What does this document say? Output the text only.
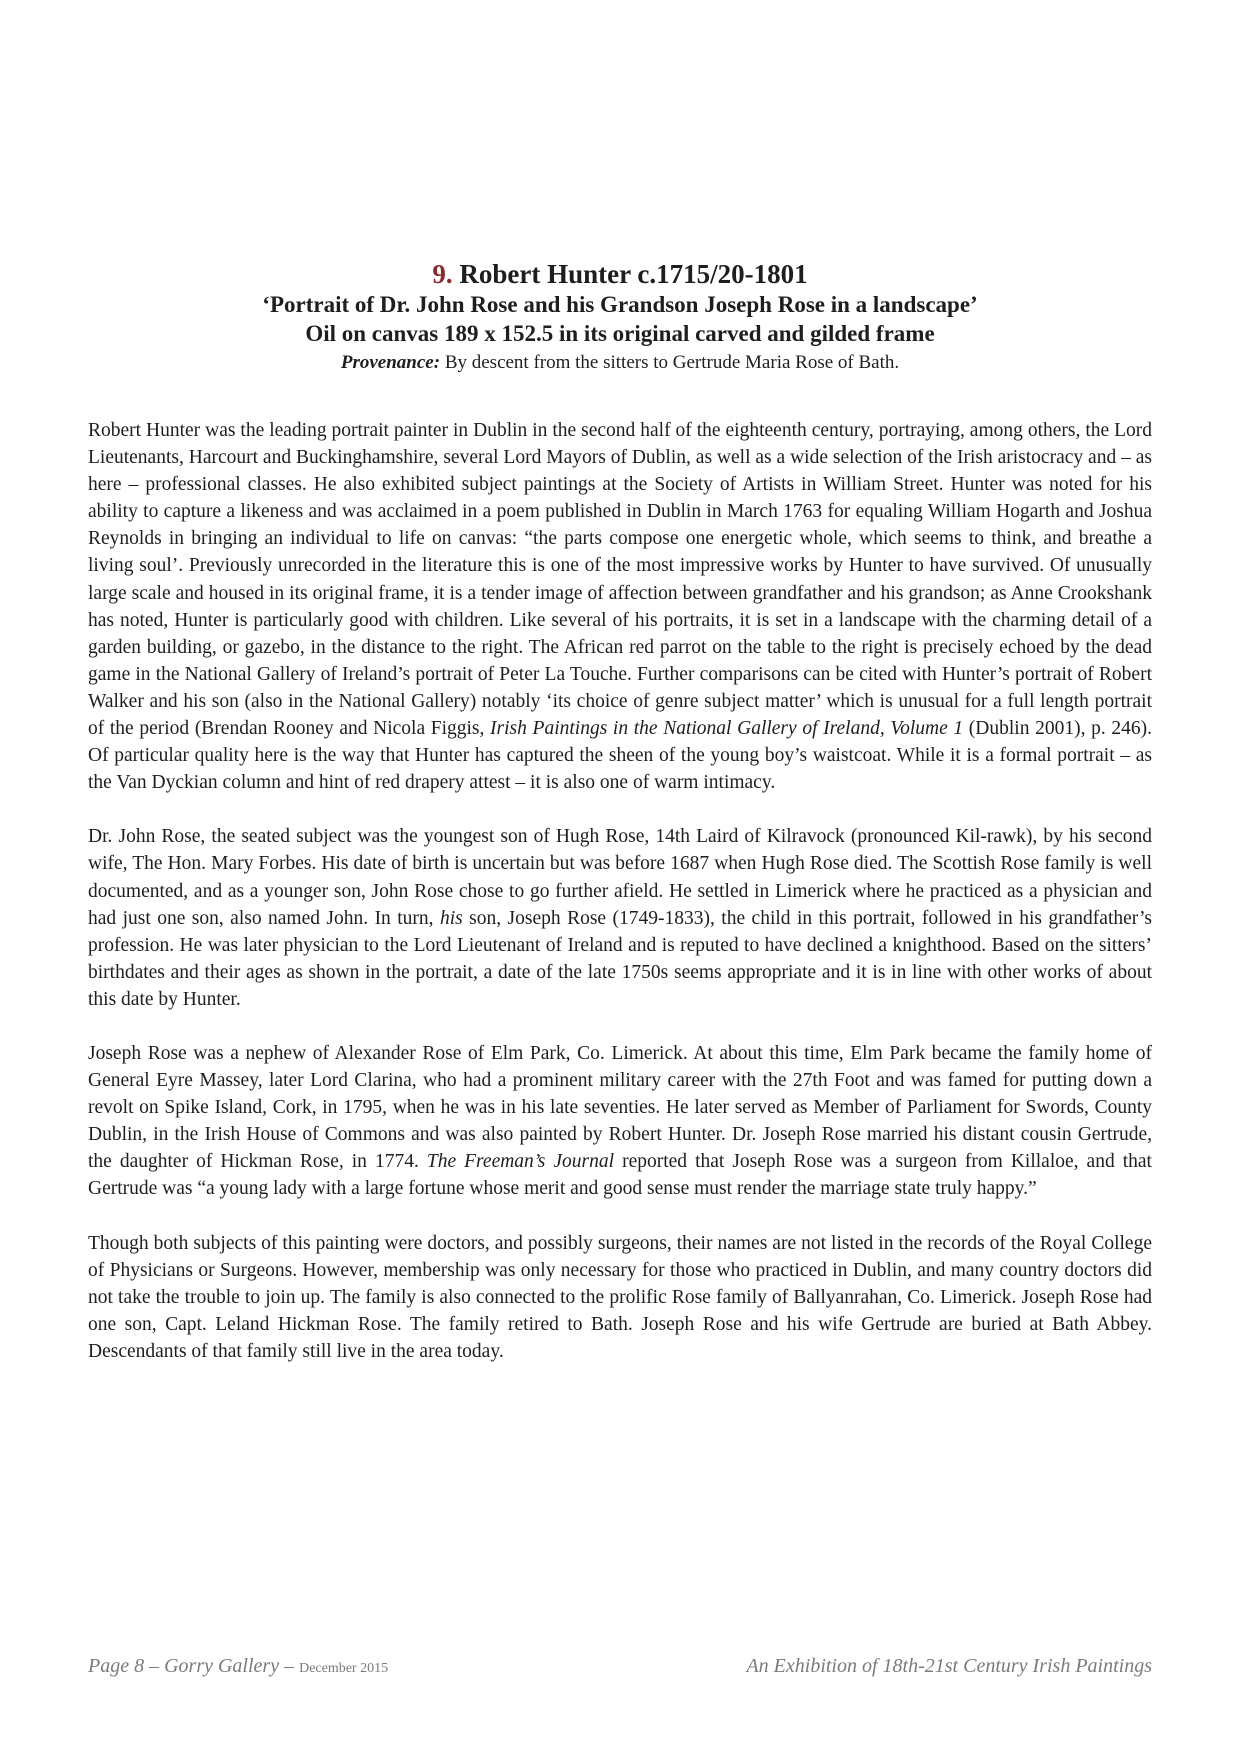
9. Robert Hunter c.1715/20-1801
‘Portrait of Dr. John Rose and his Grandson Joseph Rose in a landscape’
Oil on canvas 189 x 152.5 in its original carved and gilded frame
Provenance: By descent from the sitters to Gertrude Maria Rose of Bath.

Robert Hunter was the leading portrait painter in Dublin in the second half of the eighteenth century, portraying, among others, the Lord Lieutenants, Harcourt and Buckinghamshire, several Lord Mayors of Dublin, as well as a wide selection of the Irish aristocracy and – as here – professional classes. He also exhibited subject paintings at the Society of Artists in William Street. Hunter was noted for his ability to capture a likeness and was acclaimed in a poem published in Dublin in March 1763 for equaling William Hogarth and Joshua Reynolds in bringing an individual to life on canvas: “the parts compose one energetic whole, which seems to think, and breathe a living soul’. Previously unrecorded in the literature this is one of the most impressive works by Hunter to have survived. Of unusually large scale and housed in its original frame, it is a tender image of affection between grandfather and his grandson; as Anne Crookshank has noted, Hunter is particularly good with children. Like several of his portraits, it is set in a landscape with the charming detail of a garden building, or gazebo, in the distance to the right. The African red parrot on the table to the right is precisely echoed by the dead game in the National Gallery of Ireland’s portrait of Peter La Touche. Further comparisons can be cited with Hunter’s portrait of Robert Walker and his son (also in the National Gallery) notably ‘its choice of genre subject matter’ which is unusual for a full length portrait of the period (Brendan Rooney and Nicola Figgis, Irish Paintings in the National Gallery of Ireland, Volume 1 (Dublin 2001), p. 246). Of particular quality here is the way that Hunter has captured the sheen of the young boy’s waistcoat. While it is a formal portrait – as the Van Dyckian column and hint of red drapery attest – it is also one of warm intimacy.

Dr. John Rose, the seated subject was the youngest son of Hugh Rose, 14th Laird of Kilravock (pronounced Kil-rawk), by his second wife, The Hon. Mary Forbes. His date of birth is uncertain but was before 1687 when Hugh Rose died. The Scottish Rose family is well documented, and as a younger son, John Rose chose to go further afield. He settled in Limerick where he practiced as a physician and had just one son, also named John. In turn, his son, Joseph Rose (1749-1833), the child in this portrait, followed in his grandfather’s profession. He was later physician to the Lord Lieutenant of Ireland and is reputed to have declined a knighthood. Based on the sitters’ birthdates and their ages as shown in the portrait, a date of the late 1750s seems appropriate and it is in line with other works of about this date by Hunter.

Joseph Rose was a nephew of Alexander Rose of Elm Park, Co. Limerick. At about this time, Elm Park became the family home of General Eyre Massey, later Lord Clarina, who had a prominent military career with the 27th Foot and was famed for putting down a revolt on Spike Island, Cork, in 1795, when he was in his late seventies. He later served as Member of Parliament for Swords, County Dublin, in the Irish House of Commons and was also painted by Robert Hunter. Dr. Joseph Rose married his distant cousin Gertrude, the daughter of Hickman Rose, in 1774. The Freeman’s Journal reported that Joseph Rose was a surgeon from Killaloe, and that Gertrude was “a young lady with a large fortune whose merit and good sense must render the marriage state truly happy.”

Though both subjects of this painting were doctors, and possibly surgeons, their names are not listed in the records of the Royal College of Physicians or Surgeons. However, membership was only necessary for those who practiced in Dublin, and many country doctors did not take the trouble to join up. The family is also connected to the prolific Rose family of Ballyanrahan, Co. Limerick. Joseph Rose had one son, Capt. Leland Hickman Rose. The family retired to Bath. Joseph Rose and his wife Gertrude are buried at Bath Abbey. Descendants of that family still live in the area today.

Page 8 – Gorry Gallery – December 2015	An Exhibition of 18th-21st Century Irish Paintings
